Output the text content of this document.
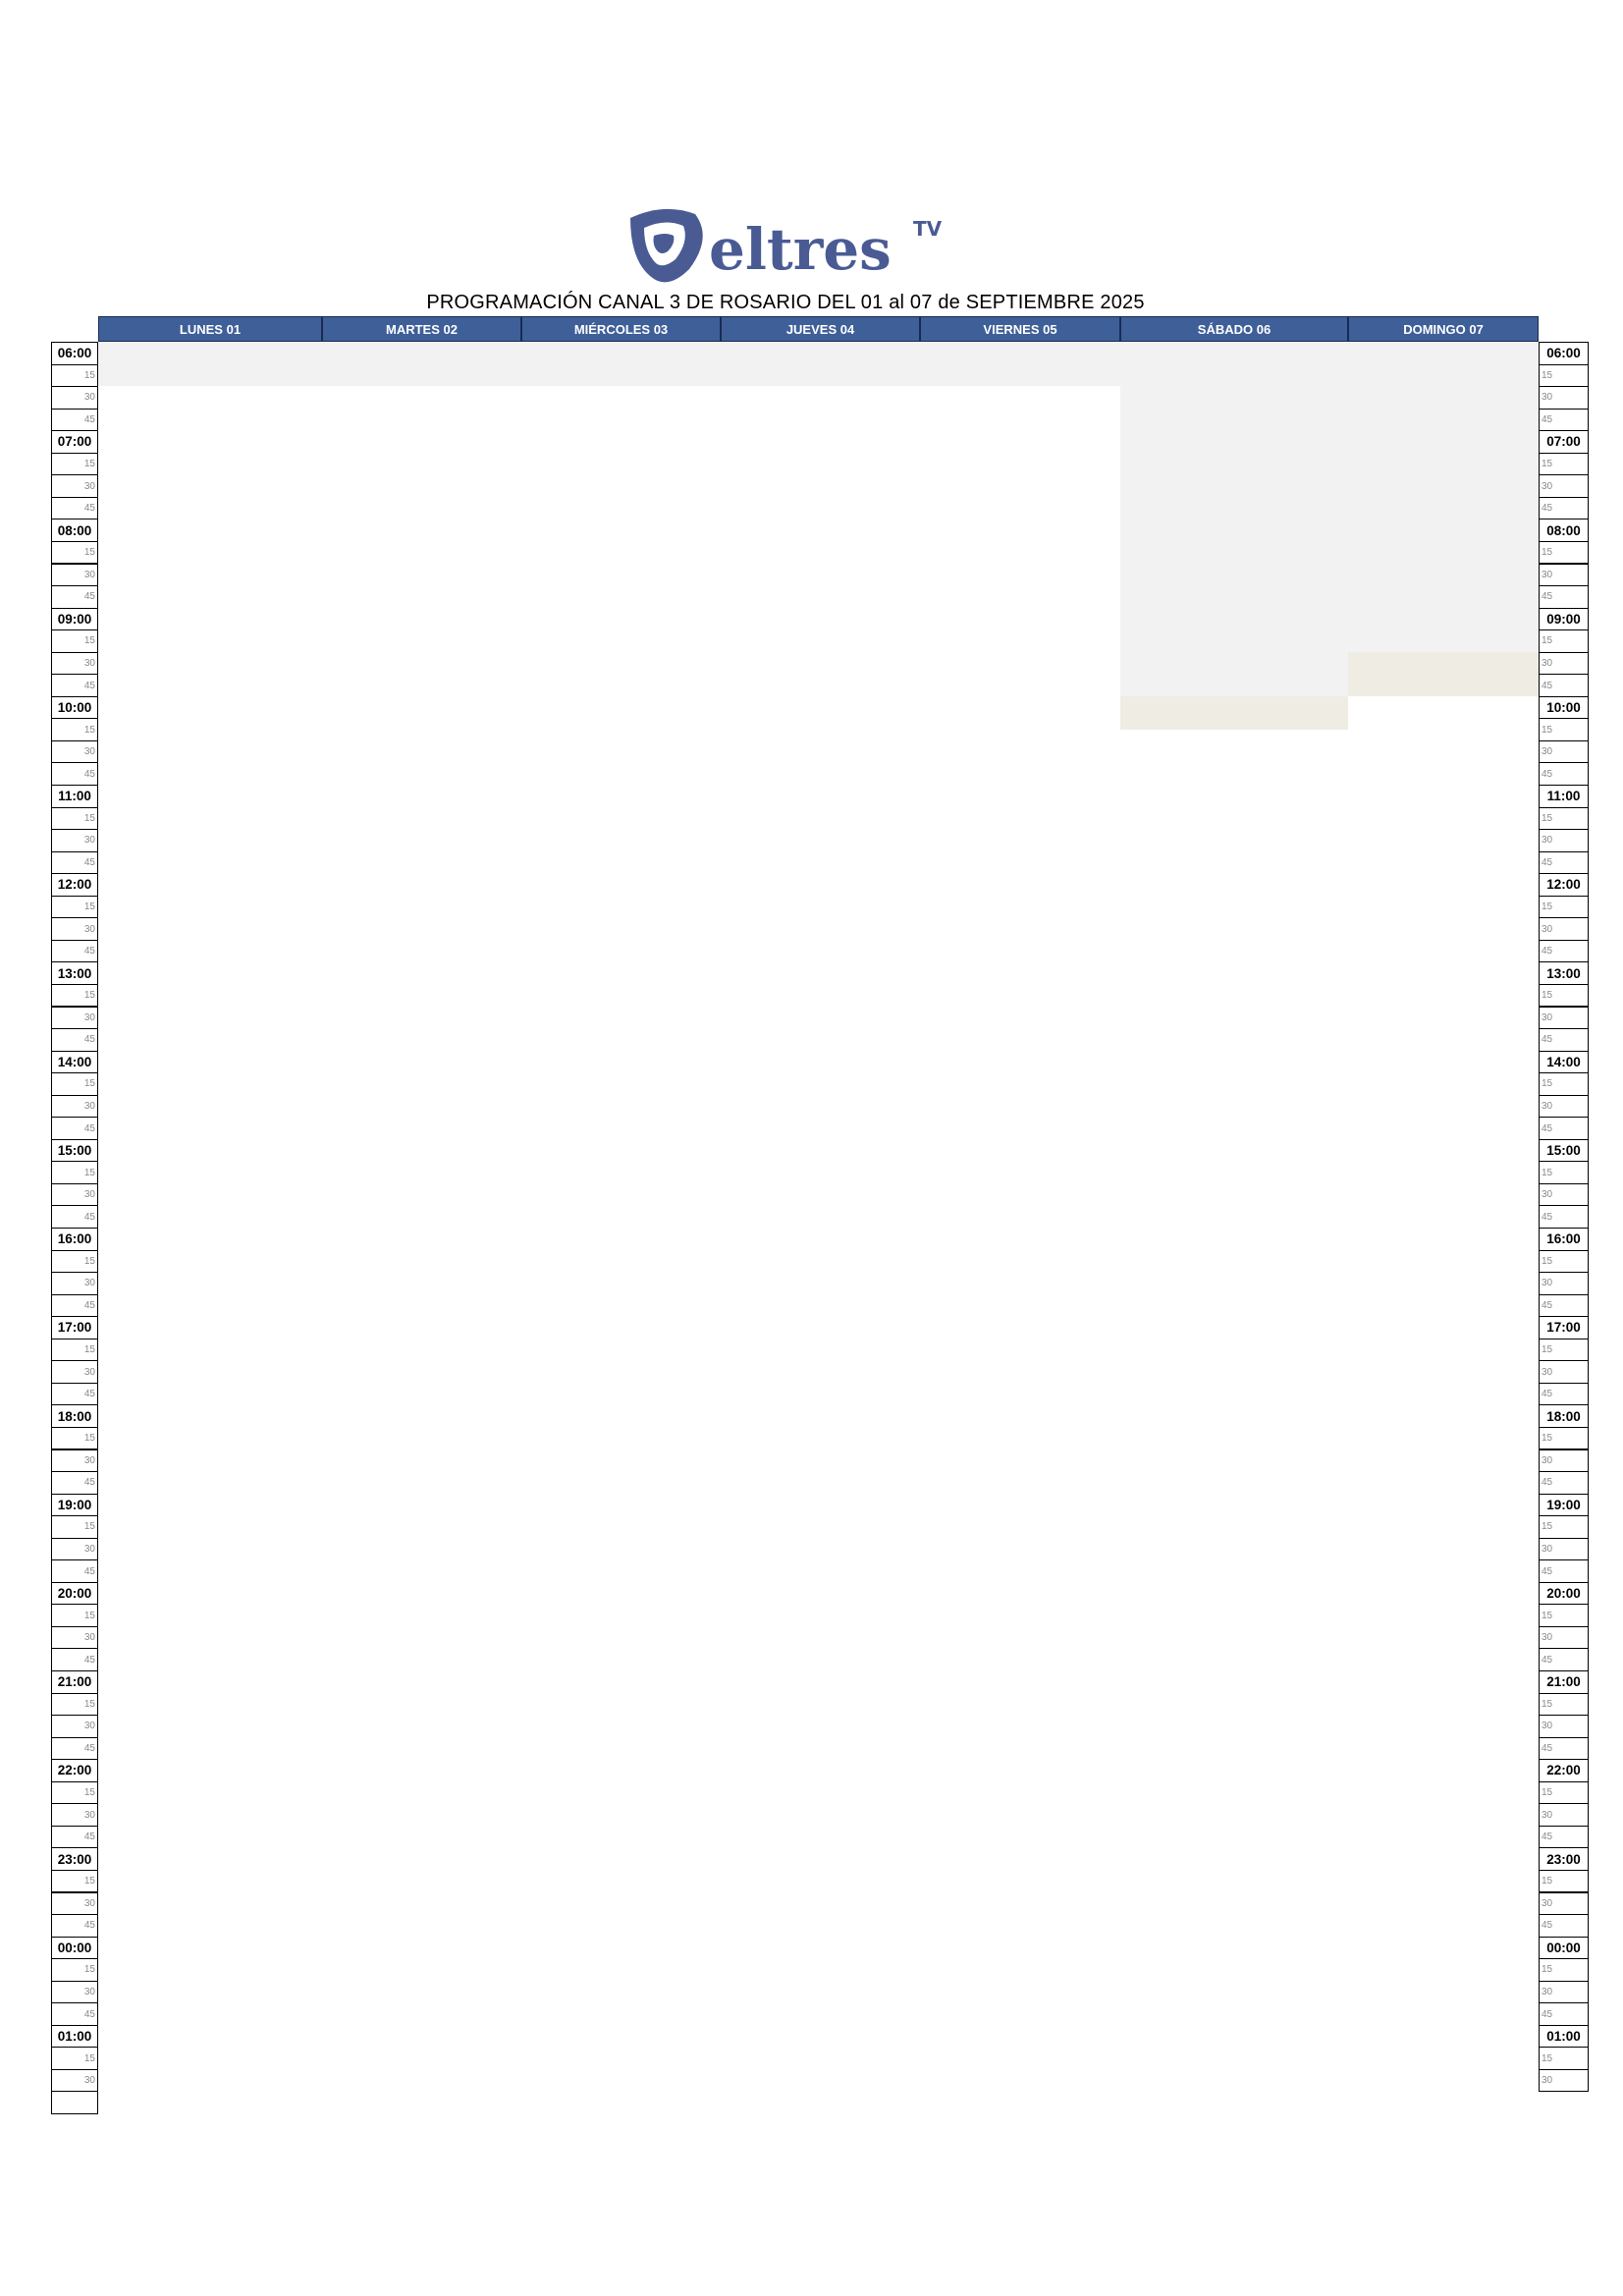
eltres TV
PROGRAMACIÓN CANAL 3 DE ROSARIO DEL 01 al 07 de SEPTIEMBRE 2025
LUNES 01	MARTES 02	MIÉRCOLES 03	JUEVES 04	VIERNES 05	SÁBADO 06	DOMINGO 07
06:00	06:00
15	15
30	30
45	45
07:00	07:00
15	15
30	30
45	45
08:00	08:00
15	15
30	30
45	45
09:00	09:00
15	15
30	30
45	45
10:00	10:00
15	15
30	30
45	45
11:00	11:00
15	15
30	30
45	45
12:00	12:00
15	15
30	30
45	45
13:00	13:00
15	15
30	30
45	45
14:00	14:00
15	15
30	30
45	45
15:00	15:00
15	15
30	30
45	45
16:00	16:00
15	15
30	30
45	45
17:00	17:00
15	15
30	30
45	45
18:00	18:00
15	15
30	30
45	45
19:00	19:00
15	15
30	30
45	45
20:00	20:00
15	15
30	30
45	45
21:00	21:00
15	15
30	30
45	45
22:00	22:00
15	15
30	30
45	45
23:00	23:00
15	15
30	30
45	45
00:00	00:00
15	15
30	30
45	45
01:00	01:00
15	15
30	30
